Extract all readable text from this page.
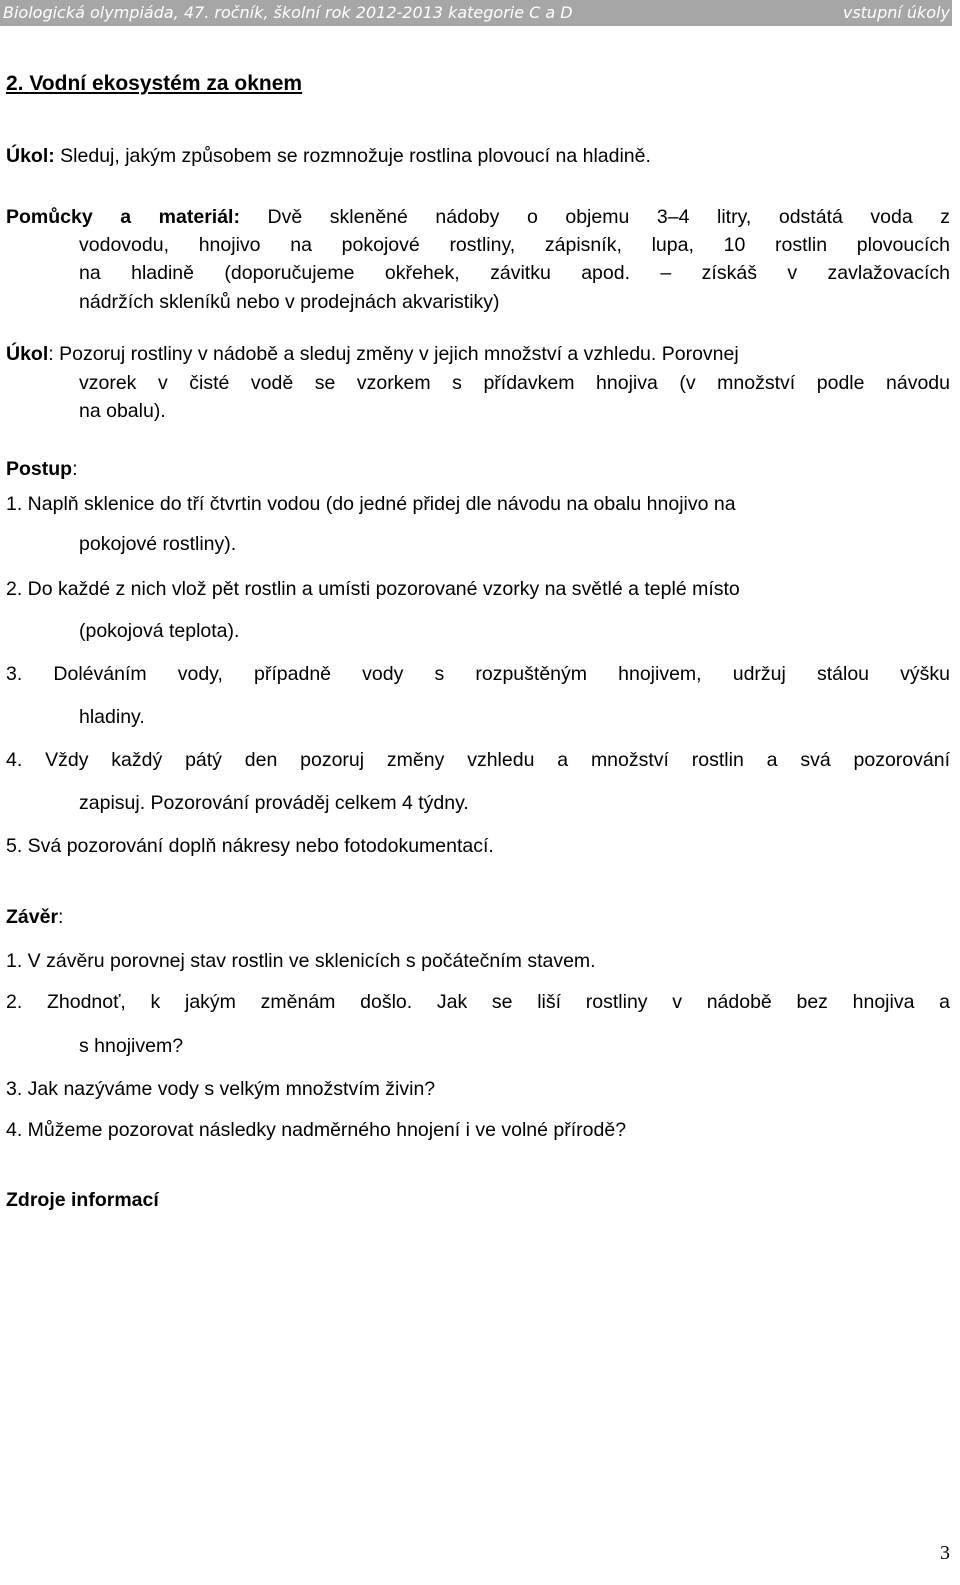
Biologická olympiáda, 47. ročník, školní rok 2012-2013 kategorie C a D	vstupní úkoly
2. Vodní ekosystém za oknem
Úkol: Sleduj, jakým způsobem se rozmnožuje rostlina plovoucí na hladině.
Pomůcky a materiál: Dvě skleněné nádoby o objemu 3–4 litry, odstátá voda z
vodovodu, hnojivo na pokojové rostliny, zápisník, lupa, 10 rostlin plovoucích
na hladině (doporučujeme okřehek, závitku apod. – získáš v zavlažovacích
nádržích skleníků nebo v prodejnách akvaristiky)
Úkol: Pozoruj rostliny v nádobě a sleduj změny v jejich množství a vzhledu. Porovnej
vzorek v čisté vodě se vzorkem s přídavkem hnojiva (v množství podle návodu
na obalu).
Postup:
1. Naplň sklenice do tří čtvrtin vodou (do jedné přidej dle návodu na obalu hnojivo na
pokojové rostliny).
2. Do každé z nich vlož pět rostlin a umísti pozorované vzorky na světlé a teplé místo
(pokojová teplota).
3. Doléváním vody, případně vody s rozpuštěným hnojivem, udržuj stálou výšku
hladiny.
4. Vždy každý pátý den pozoruj změny vzhledu a množství rostlin a svá pozorování
zapisuj. Pozorování prováděj celkem 4 týdny.
5. Svá pozorování doplň nákresy nebo fotodokumentací.
Závěr:
1. V závěru porovnej stav rostlin ve sklenicích s počátečním stavem.
2. Zhodnoť, k jakým změnám došlo. Jak se liší rostliny v nádobě bez hnojiva a
s hnojivem?
3. Jak nazýváme vody s velkým množstvím živin?
4. Můžeme pozorovat následky nadměrného hnojení i ve volné přírodě?
Zdroje informací
3
